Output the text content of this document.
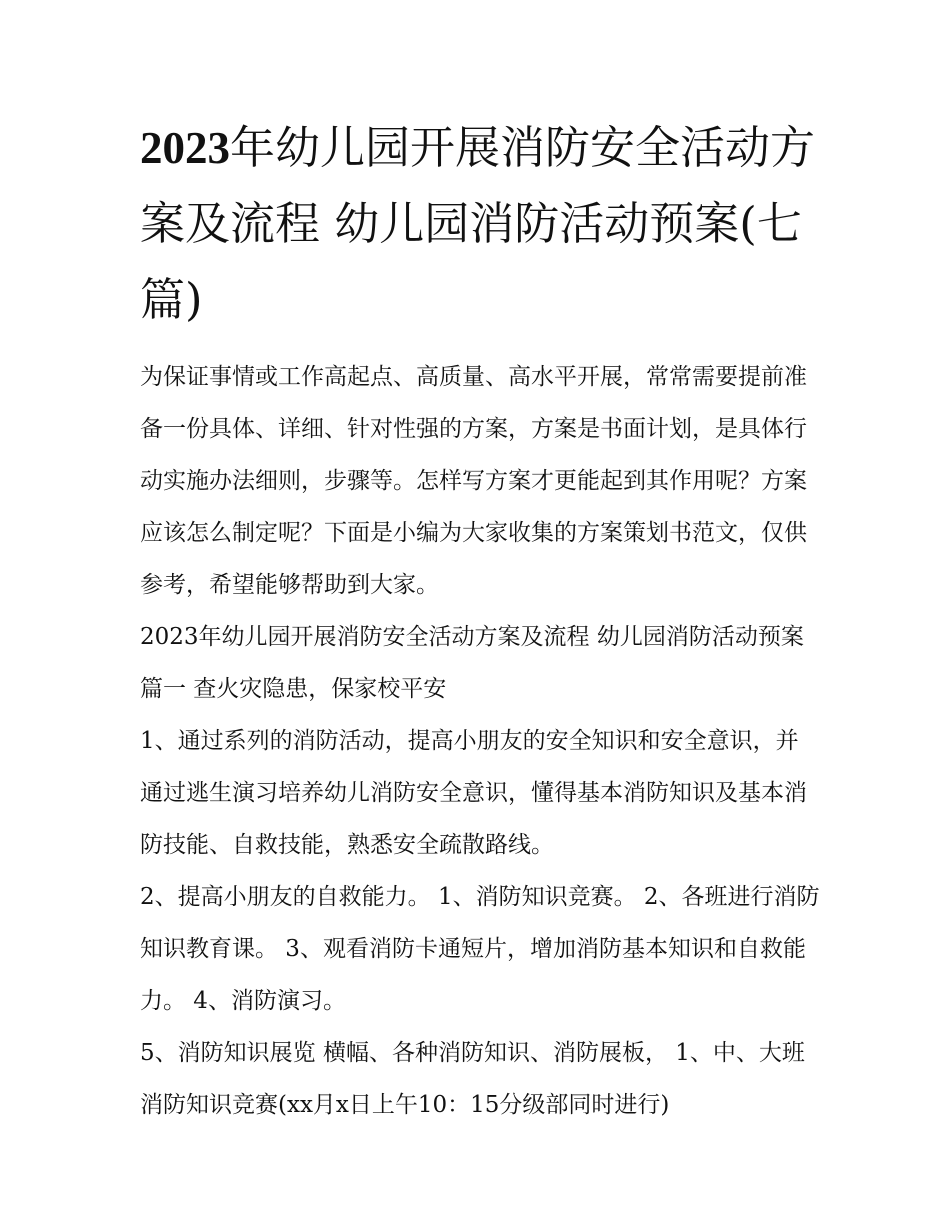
2023年幼儿园开展消防安全活动方案及流程 幼儿园消防活动预案(七篇)

为保证事情或工作高起点、高质量、高水平开展，常常需要提前准备一份具体、详细、针对性强的方案，方案是书面计划，是具体行动实施办法细则，步骤等。怎样写方案才更能起到其作用呢？方案应该怎么制定呢？下面是小编为大家收集的方案策划书范文，仅供参考，希望能够帮助到大家。

2023年幼儿园开展消防安全活动方案及流程 幼儿园消防活动预案篇一 查火灾隐患，保家校平安

1、通过系列的消防活动，提高小朋友的安全知识和安全意识，并通过逃生演习培养幼儿消防安全意识，懂得基本消防知识及基本消防技能、自救技能，熟悉安全疏散路线。

2、提高小朋友的自救能力。 1、消防知识竞赛。 2、各班进行消防知识教育课。 3、观看消防卡通短片，增加消防基本知识和自救能力。 4、消防演习。

5、消防知识展览 横幅、各种消防知识、消防展板， 1、中、大班消防知识竞赛(xx月x日上午10：15分级部同时进行)
